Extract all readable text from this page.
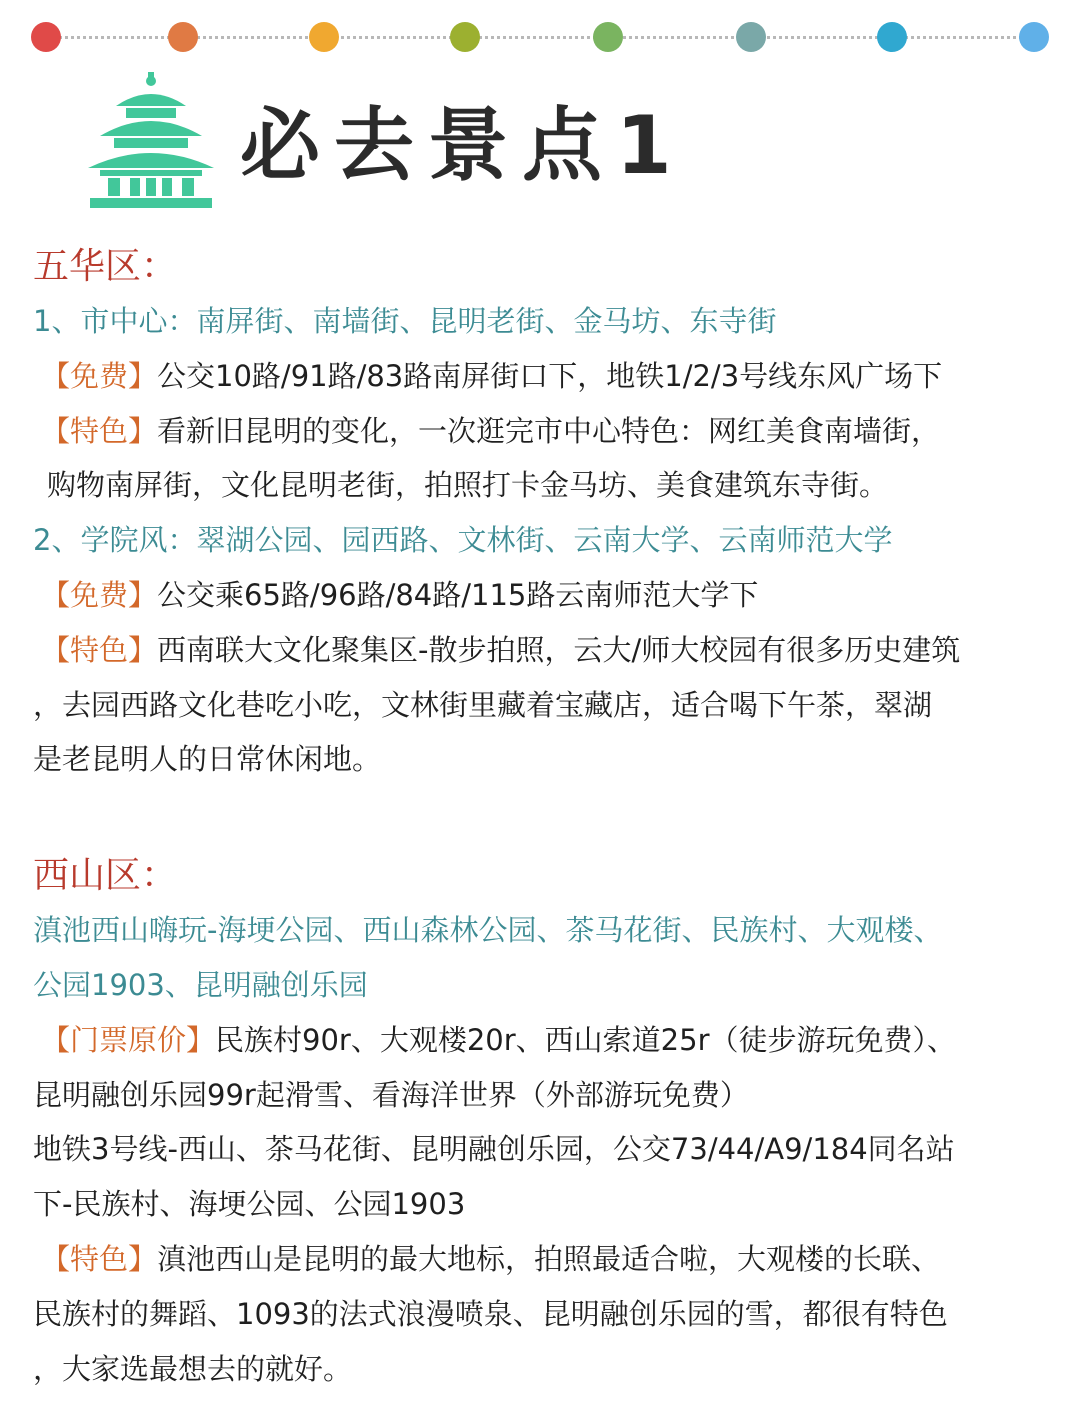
必去景点1
五华区：
1、市中心：南屏街、南墙街、昆明老街、金马坊、东寺街
【免费】公交10路/91路/83路南屏街口下，地铁1/2/3号线东风广场下
【特色】看新旧昆明的变化，一次逛完市中心特色：网红美食南墙街，
购物南屏街，文化昆明老街，拍照打卡金马坊、美食建筑东寺街。
2、学院风：翠湖公园、园西路、文林街、云南大学、云南师范大学
【免费】公交乘65路/96路/84路/115路云南师范大学下
【特色】西南联大文化聚集区-散步拍照，云大/师大校园有很多历史建筑
，去园西路文化巷吃小吃，文林街里藏着宝藏店，适合喝下午茶，翠湖
是老昆明人的日常休闲地。
西山区：
滇池西山嗨玩-海埂公园、西山森林公园、茶马花街、民族村、大观楼、
公园1903、昆明融创乐园
【门票原价】民族村90r、大观楼20r、西山索道25r（徒步游玩免费）、
昆明融创乐园99r起滑雪、看海洋世界（外部游玩免费）
地铁3号线-西山、茶马花街、昆明融创乐园，公交73/44/A9/184同名站
下-民族村、海埂公园、公园1903
【特色】滇池西山是昆明的最大地标，拍照最适合啦，大观楼的长联、
民族村的舞蹈、1093的法式浪漫喷泉、昆明融创乐园的雪，都很有特色
，大家选最想去的就好。
